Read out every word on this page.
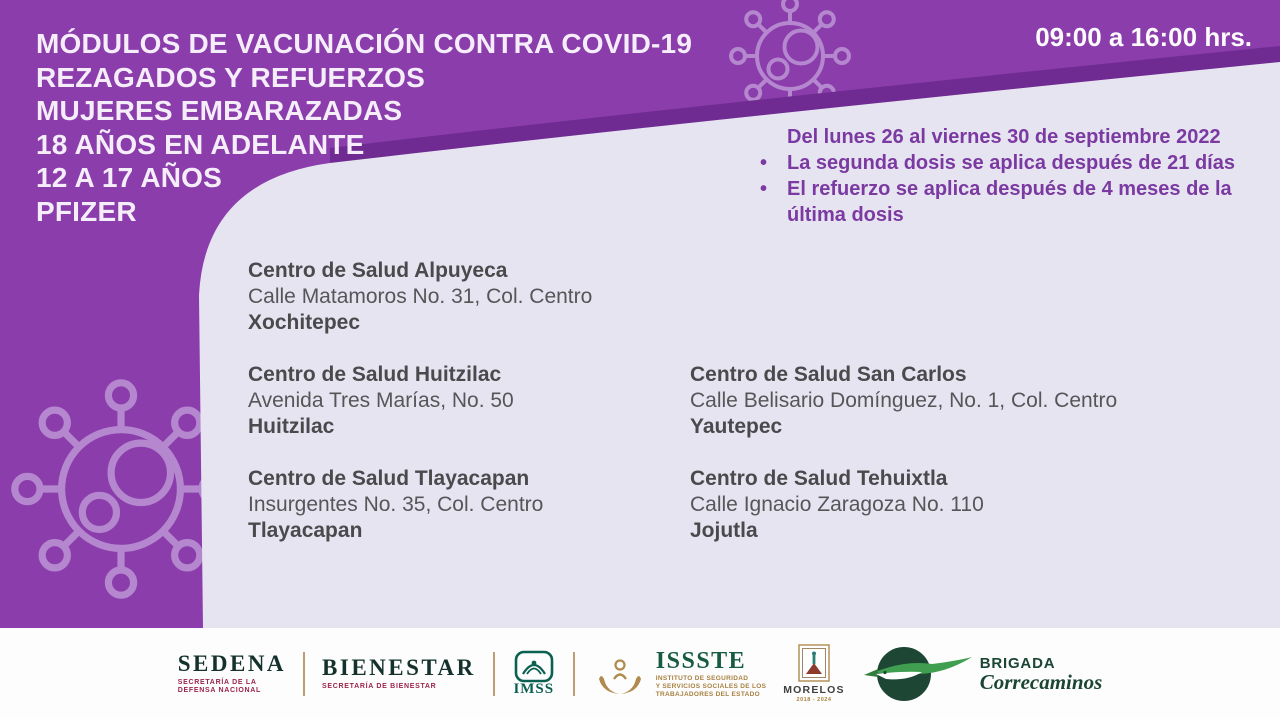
MÓDULOS DE VACUNACIÓN CONTRA COVID-19
REZAGADOS Y REFUERZOS
MUJERES EMBARAZADAS
18 AÑOS EN ADELANTE
12 A 17 AÑOS
PFIZER
09:00 a 16:00 hrs.
Del lunes 26 al viernes 30 de septiembre 2022
• La segunda dosis se aplica después de 21 días
• El refuerzo se aplica después de 4 meses de la última dosis
Centro de Salud Alpuyeca
Calle Matamoros No. 31, Col. Centro
Xochitepec
Centro de Salud Huitzilac
Avenida Tres Marías, No. 50
Huitzilac
Centro de Salud Tlayacapan
Insurgentes No. 35, Col. Centro
Tlayacapan
Centro de Salud San Carlos
Calle Belisario Domínguez, No. 1, Col. Centro
Yautepec
Centro de Salud Tehuixtla
Calle Ignacio Zaragoza No. 110
Jojutla
SEDENA
SECRETARÍA DE LA
DEFENSA NACIONAL
BIENESTAR
SECRETARÍA DE BIENESTAR	IMSS
ISSSTE
INSTITUTO DE SEGURIDAD
Y SERVICIOS SOCIALES DE LOS
TRABAJADORES DEL ESTADO	MORELOS
2018 - 2024
BRIGADA
Correcaminos
